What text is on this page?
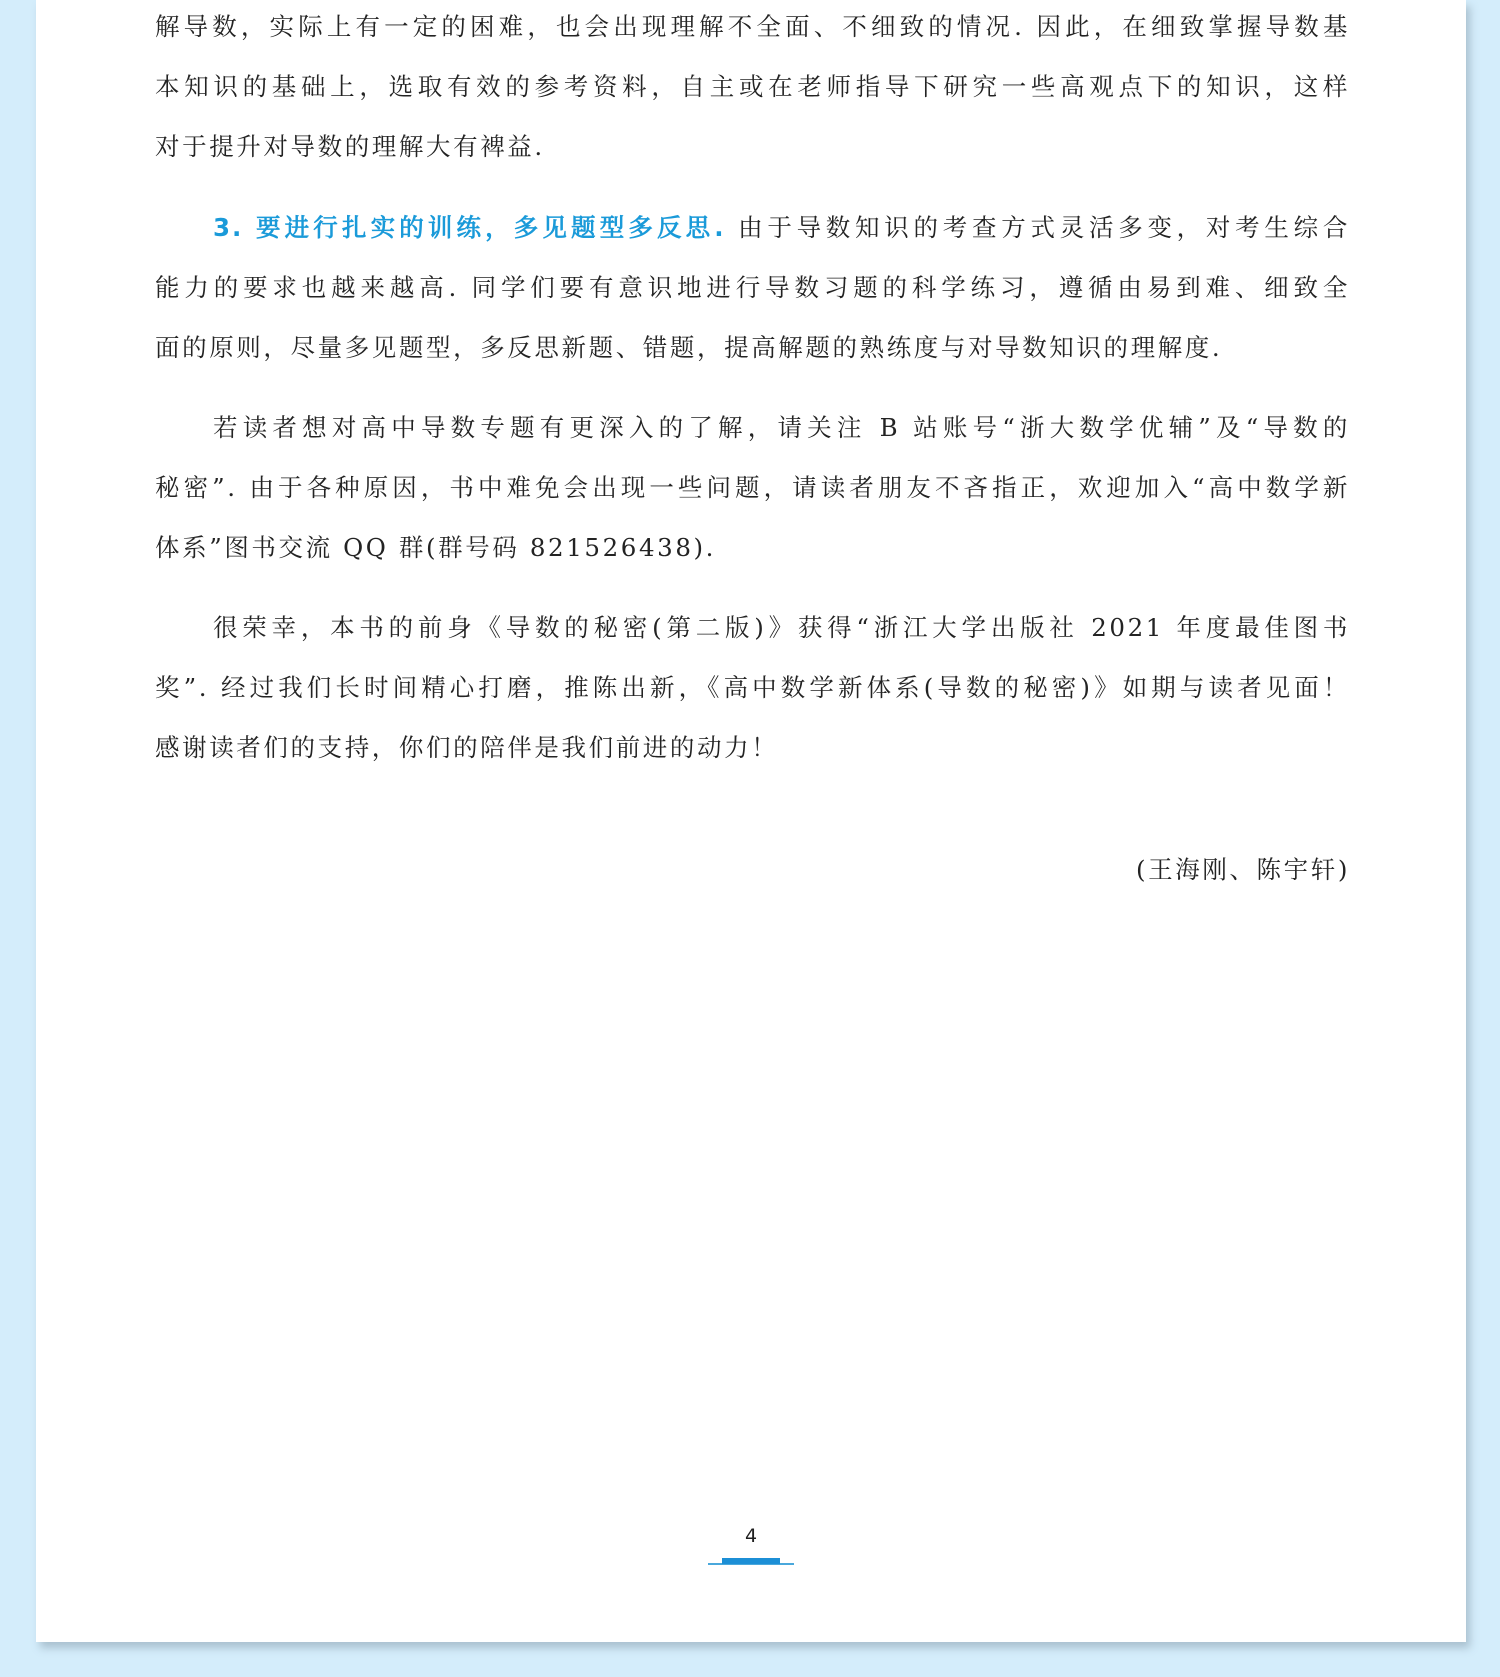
解导数，实际上有一定的困难，也会出现理解不全面、不细致的情况. 因此，在细致掌握导数基
本知识的基础上，选取有效的参考资料，自主或在老师指导下研究一些高观点下的知识，这样
对于提升对导数的理解大有裨益.

3. 要进行扎实的训练，多见题型多反思. 由于导数知识的考查方式灵活多变，对考生综合
能力的要求也越来越高. 同学们要有意识地进行导数习题的科学练习，遵循由易到难、细致全
面的原则，尽量多见题型，多反思新题、错题，提高解题的熟练度与对导数知识的理解度.

若读者想对高中导数专题有更深入的了解，请关注 B 站账号“浙大数学优辅”及“导数的
秘密”. 由于各种原因，书中难免会出现一些问题，请读者朋友不吝指正，欢迎加入“高中数学新
体系”图书交流 QQ 群(群号码 821526438).

很荣幸，本书的前身《导数的秘密(第二版)》获得“浙江大学出版社 2021 年度最佳图书
奖”. 经过我们长时间精心打磨，推陈出新，《高中数学新体系(导数的秘密)》如期与读者见面！
感谢读者们的支持，你们的陪伴是我们前进的动力！

(王海刚、陈宇轩)
4
